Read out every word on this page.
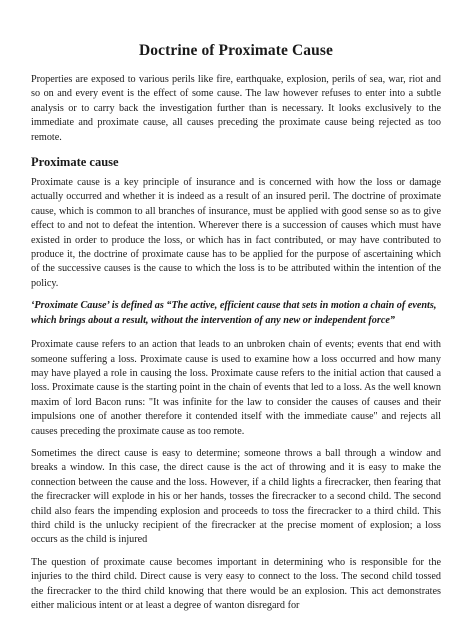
Doctrine of Proximate Cause

Properties are exposed to various perils like fire, earthquake, explosion, perils of sea, war, riot and so on and every event is the effect of some cause. The law however refuses to enter into a subtle analysis or to carry back the investigation further than is necessary. It looks exclusively to the immediate and proximate cause, all causes preceding the proximate cause being rejected as too remote.

Proximate cause

Proximate cause is a key principle of insurance and is concerned with how the loss or damage actually occurred and whether it is indeed as a result of an insured peril. The doctrine of proximate cause, which is common to all branches of insurance, must be applied with good sense so as to give effect to and not to defeat the intention. Wherever there is a succession of causes which must have existed in order to produce the loss, or which has in fact contributed, or may have contributed to produce it, the doctrine of proximate cause has to be applied for the purpose of ascertaining which of the successive causes is the cause to which the loss is to be attributed within the intention of the policy.

‘Proximate Cause’ is defined as “The active, efficient cause that sets in motion a chain of events, which brings about a result, without the intervention of any new or independent force”

Proximate cause refers to an action that leads to an unbroken chain of events; events that end with someone suffering a loss. Proximate cause is used to examine how a loss occurred and how many may have played a role in causing the loss. Proximate cause refers to the initial action that caused a loss. Proximate cause is the starting point in the chain of events that led to a loss. As the well known maxim of lord Bacon runs: "It was infinite for the law to consider the causes of causes and their impulsions one of another therefore it contended itself with the immediate cause" and rejects all causes preceding the proximate cause as too remote.

Sometimes the direct cause is easy to determine; someone throws a ball through a window and breaks a window. In this case, the direct cause is the act of throwing and it is easy to make the connection between the cause and the loss. However, if a child lights a firecracker, then fearing that the firecracker will explode in his or her hands, tosses the firecracker to a second child. The second child also fears the impending explosion and proceeds to toss the firecracker to a third child. This third child is the unlucky recipient of the firecracker at the precise moment of explosion; a loss occurs as the child is injured

The question of proximate cause becomes important in determining who is responsible for the injuries to the third child. Direct cause is very easy to connect to the loss. The second child tossed the firecracker to the third child knowing that there would be an explosion. This act demonstrates either malicious intent or at least a degree of wanton disregard for
